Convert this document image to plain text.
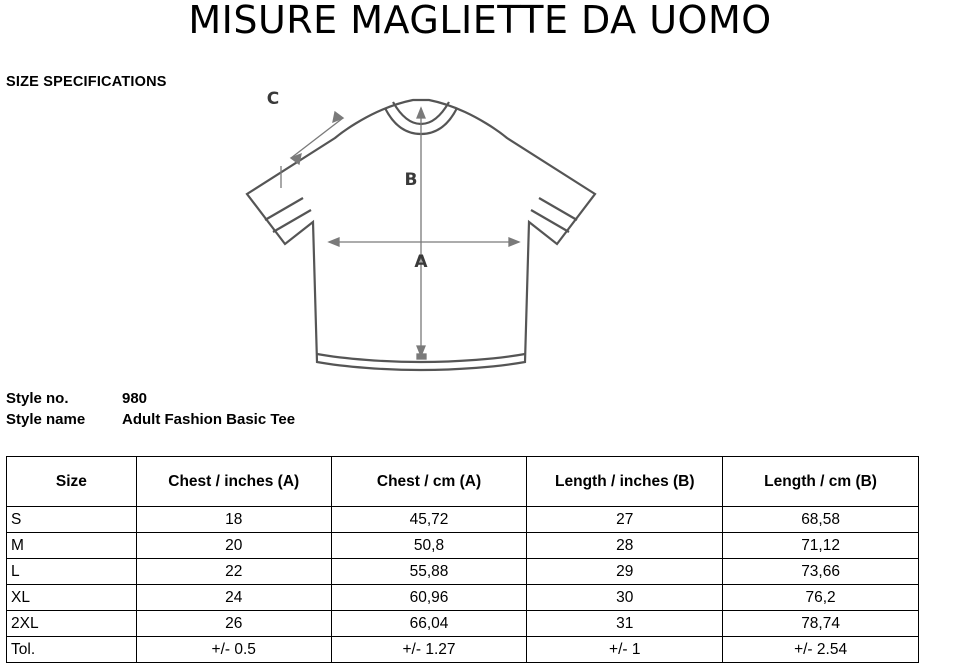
MISURE MAGLIETTE DA UOMO
SIZE SPECIFICATIONS
B
A
C
Style no.	980
Style name	Adult Fashion Basic Tee
Size	Chest / inches (A)	Chest / cm (A)	Length / inches (B)	Length / cm (B)
S	18	45,72	27	68,58
M	20	50,8	28	71,12
L	22	55,88	29	73,66
XL	24	60,96	30	76,2
2XL	26	66,04	31	78,74
Tol.	+/- 0.5	+/- 1.27	+/- 1	+/- 2.54
